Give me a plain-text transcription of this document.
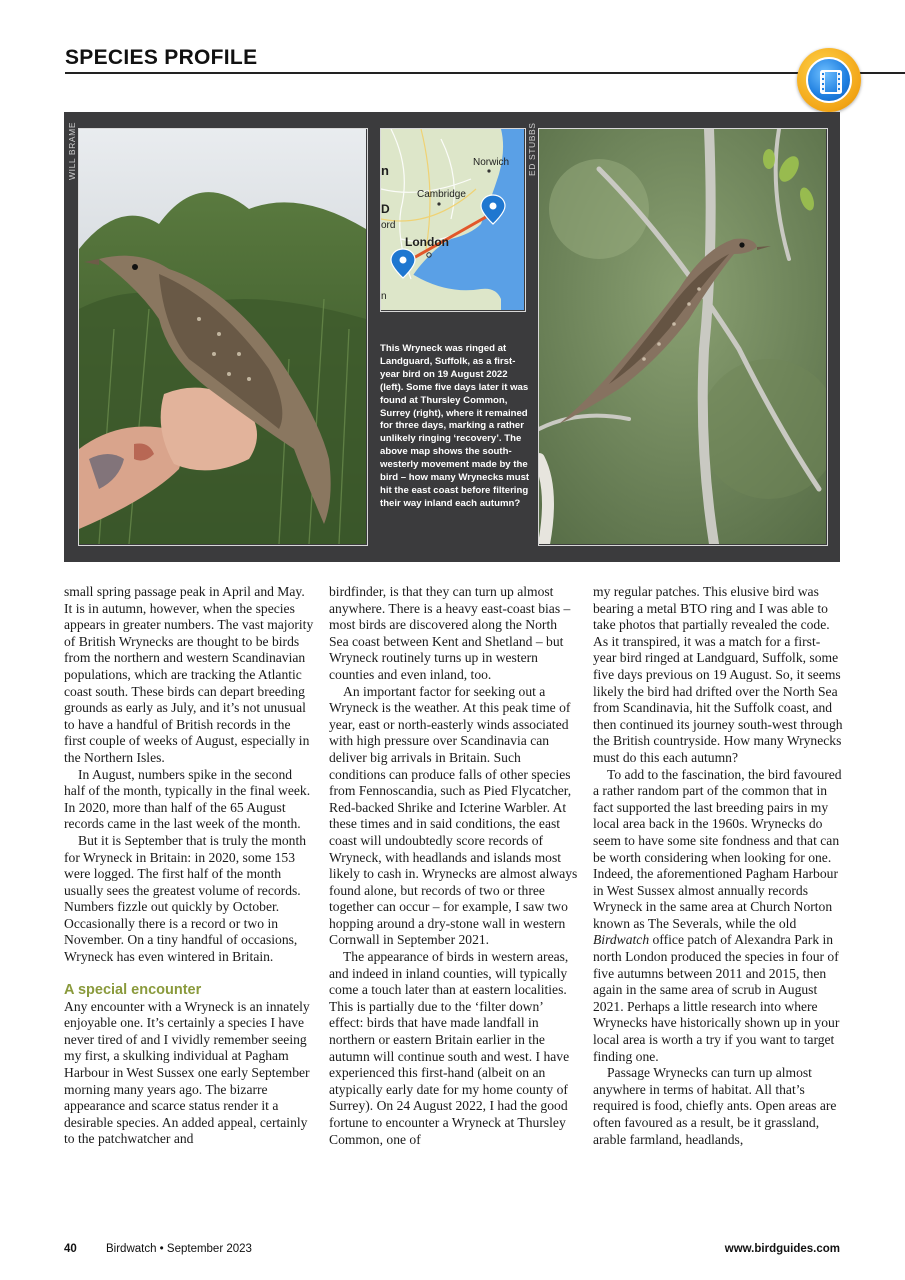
SPECIES PROFILE
WILL BRAME	ED STUBBS
Norwich
Cambridge
London
n
D
ord
n
This Wryneck was ringed at Landguard, Suffolk, as a first-year bird on 19 August 2022 (left). Some five days later it was found at Thursley Common, Surrey (right), where it remained for three days, marking a rather unlikely ringing ‘recovery’. The above map shows the south-westerly movement made by the bird – how many Wrynecks must hit the east coast before filtering their way inland each autumn?

small spring passage peak in April and May. It is in autumn, however, when the species appears in greater numbers. The vast majority of British Wrynecks are thought to be birds from the northern and western Scandinavian populations, which are tracking the Atlantic coast south. These birds can depart breeding grounds as early as July, and it’s not unusual to have a handful of British records in the first couple of weeks of August, especially in the Northern Isles.

In August, numbers spike in the second half of the month, typically in the final week. In 2020, more than half of the 65 August records came in the last week of the month.

But it is September that is truly the month for Wryneck in Britain: in 2020, some 153 were logged. The first half of the month usually sees the greatest volume of records. Numbers fizzle out quickly by October. Occasionally there is a record or two in November. On a tiny handful of occasions, Wryneck has even wintered in Britain.

A special encounter

Any encounter with a Wryneck is an innately enjoyable one. It’s certainly a species I have never tired of and I vividly remember seeing my first, a skulking individual at Pagham Harbour in West Sussex one early September morning many years ago. The bizarre appearance and scarce status render it a desirable species. An added appeal, certainly to the patchwatcher and

birdfinder, is that they can turn up almost anywhere. There is a heavy east-coast bias – most birds are discovered along the North Sea coast between Kent and Shetland – but Wryneck routinely turns up in western counties and even inland, too.

An important factor for seeking out a Wryneck is the weather. At this peak time of year, east or north-easterly winds associated with high pressure over Scandinavia can deliver big arrivals in Britain. Such conditions can produce falls of other species from Fennoscandia, such as Pied Flycatcher, Red-backed Shrike and Icterine Warbler. At these times and in said conditions, the east coast will undoubtedly score records of Wryneck, with headlands and islands most likely to cash in. Wrynecks are almost always found alone, but records of two or three together can occur – for example, I saw two hopping around a dry-stone wall in western Cornwall in September 2021.

The appearance of birds in western areas, and indeed in inland counties, will typically come a touch later than at eastern localities. This is partially due to the ‘filter down’ effect: birds that have made landfall in northern or eastern Britain earlier in the autumn will continue south and west. I have experienced this first-hand (albeit on an atypically early date for my home county of Surrey). On 24 August 2022, I had the good fortune to encounter a Wryneck at Thursley Common, one of

my regular patches. This elusive bird was bearing a metal BTO ring and I was able to take photos that partially revealed the code. As it transpired, it was a match for a first-year bird ringed at Landguard, Suffolk, some five days previous on 19 August. So, it seems likely the bird had drifted over the North Sea from Scandinavia, hit the Suffolk coast, and then continued its journey south-west through the British countryside. How many Wrynecks must do this each autumn?

To add to the fascination, the bird favoured a rather random part of the common that in fact supported the last breeding pairs in my local area back in the 1960s. Wrynecks do seem to have some site fondness and that can be worth considering when looking for one. Indeed, the aforementioned Pagham Harbour in West Sussex almost annually records Wryneck in the same area at Church Norton known as The Severals, while the old Birdwatch office patch of Alexandra Park in north London produced the species in four of five autumns between 2011 and 2015, then again in the same area of scrub in August 2021. Perhaps a little research into where Wrynecks have historically shown up in your local area is worth a try if you want to target finding one.

Passage Wrynecks can turn up almost anywhere in terms of habitat. All that’s required is food, chiefly ants. Open areas are often favoured as a result, be it grassland, arable farmland, headlands,

40	Birdwatch • September 2023	www.birdguides.com
